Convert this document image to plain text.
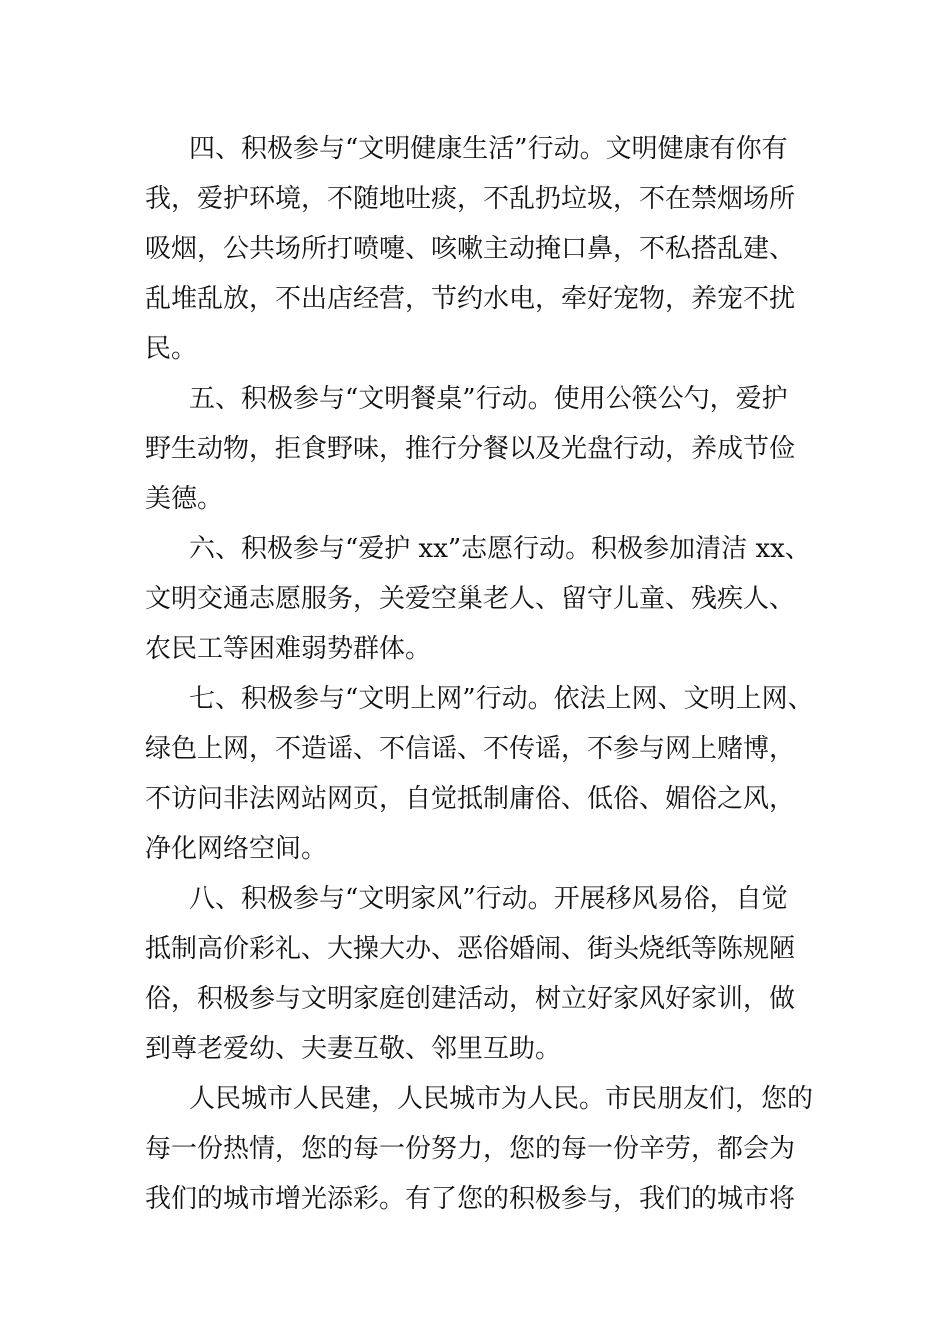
四、积极参与“文明健康生活”行动。文明健康有你有
我，爱护环境，不随地吐痰，不乱扔垃圾，不在禁烟场所
吸烟，公共场所打喷嚏、咳嗽主动掩口鼻，不私搭乱建、
乱堆乱放，不出店经营，节约水电，牵好宠物，养宠不扰
民。
五、积极参与“文明餐桌”行动。使用公筷公勺，爱护
野生动物，拒食野味，推行分餐以及光盘行动，养成节俭
美德。
六、积极参与“爱护 xx”志愿行动。积极参加清洁 xx、
文明交通志愿服务，关爱空巢老人、留守儿童、残疾人、
农民工等困难弱势群体。
七、积极参与“文明上网”行动。依法上网、文明上网、
绿色上网，不造谣、不信谣、不传谣，不参与网上赌博，
不访问非法网站网页，自觉抵制庸俗、低俗、媚俗之风，
净化网络空间。
八、积极参与“文明家风”行动。开展移风易俗，自觉
抵制高价彩礼、大操大办、恶俗婚闹、街头烧纸等陈规陋
俗，积极参与文明家庭创建活动，树立好家风好家训，做
到尊老爱幼、夫妻互敬、邻里互助。
人民城市人民建，人民城市为人民。市民朋友们，您的
每一份热情，您的每一份努力，您的每一份辛劳，都会为
我们的城市增光添彩。有了您的积极参与，我们的城市将
